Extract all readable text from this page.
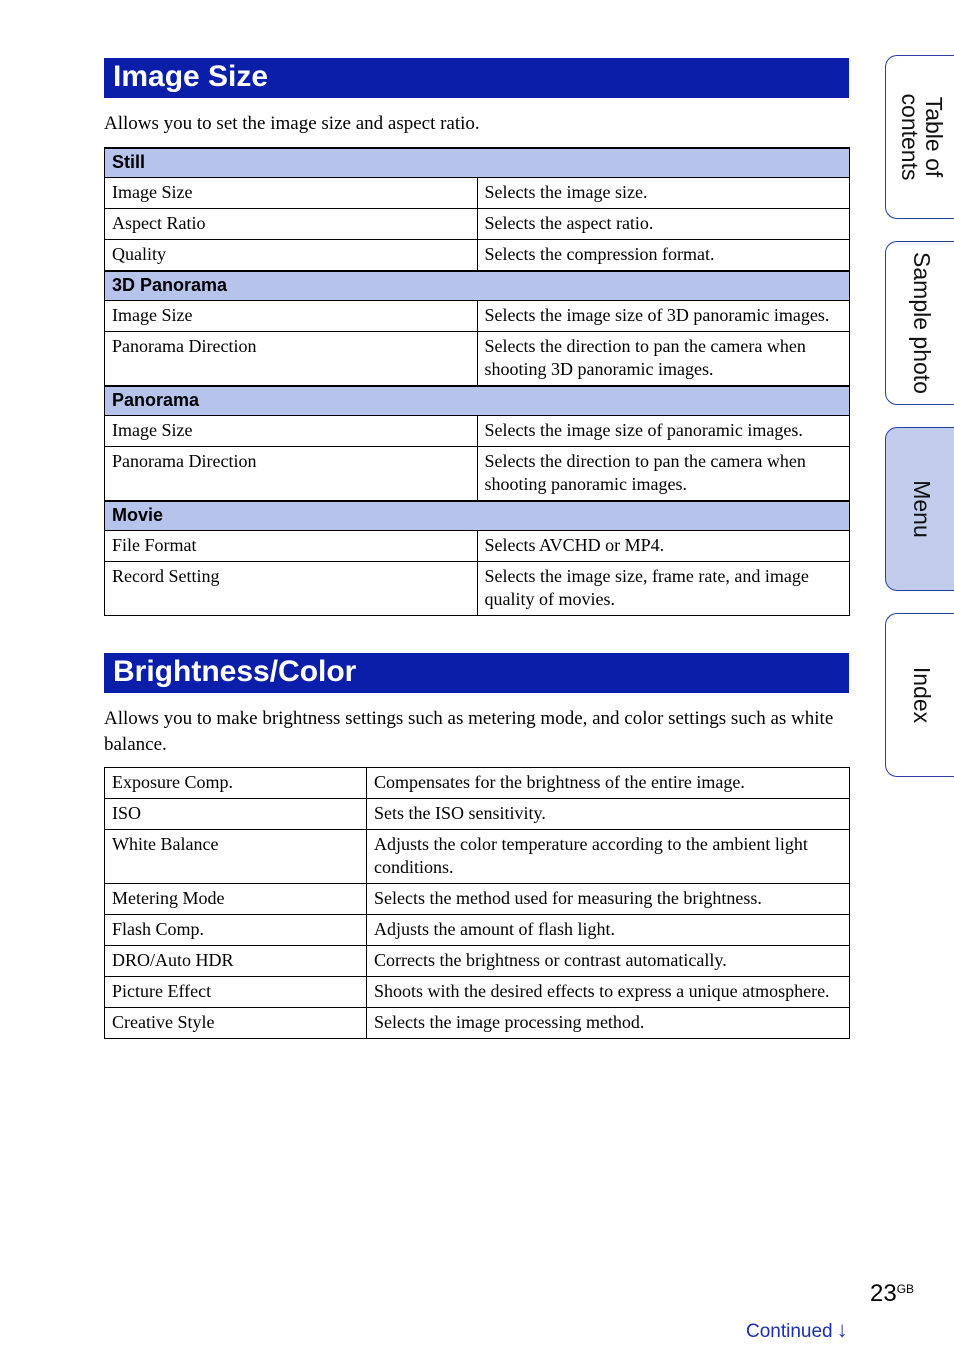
Image Size
Allows you to set the image size and aspect ratio.
Still	
Image Size	Selects the image size.
Aspect Ratio	Selects the aspect ratio.
Quality	Selects the compression format.
3D Panorama	
Image Size	Selects the image size of 3D panoramic images.
Panorama Direction	Selects the direction to pan the camera when shooting 3D panoramic images.
Panorama	
Image Size	Selects the image size of panoramic images.
Panorama Direction	Selects the direction to pan the camera when shooting panoramic images.
Movie	
File Format	Selects AVCHD or MP4.
Record Setting	Selects the image size, frame rate, and image quality of movies.
Brightness/Color
Allows you to make brightness settings such as metering mode, and color settings such as white balance.
Exposure Comp.	Compensates for the brightness of the entire image.
ISO	Sets the ISO sensitivity.
White Balance	Adjusts the color temperature according to the ambient light conditions.
Metering Mode	Selects the method used for measuring the brightness.
Flash Comp.	Adjusts the amount of flash light.
DRO/Auto HDR	Corrects the brightness or contrast automatically.
Picture Effect	Shoots with the desired effects to express a unique atmosphere.
Creative Style	Selects the image processing method.
Table of
contents
Sample photo
Menu
Index
$23^{GB}$
Continued ↓
